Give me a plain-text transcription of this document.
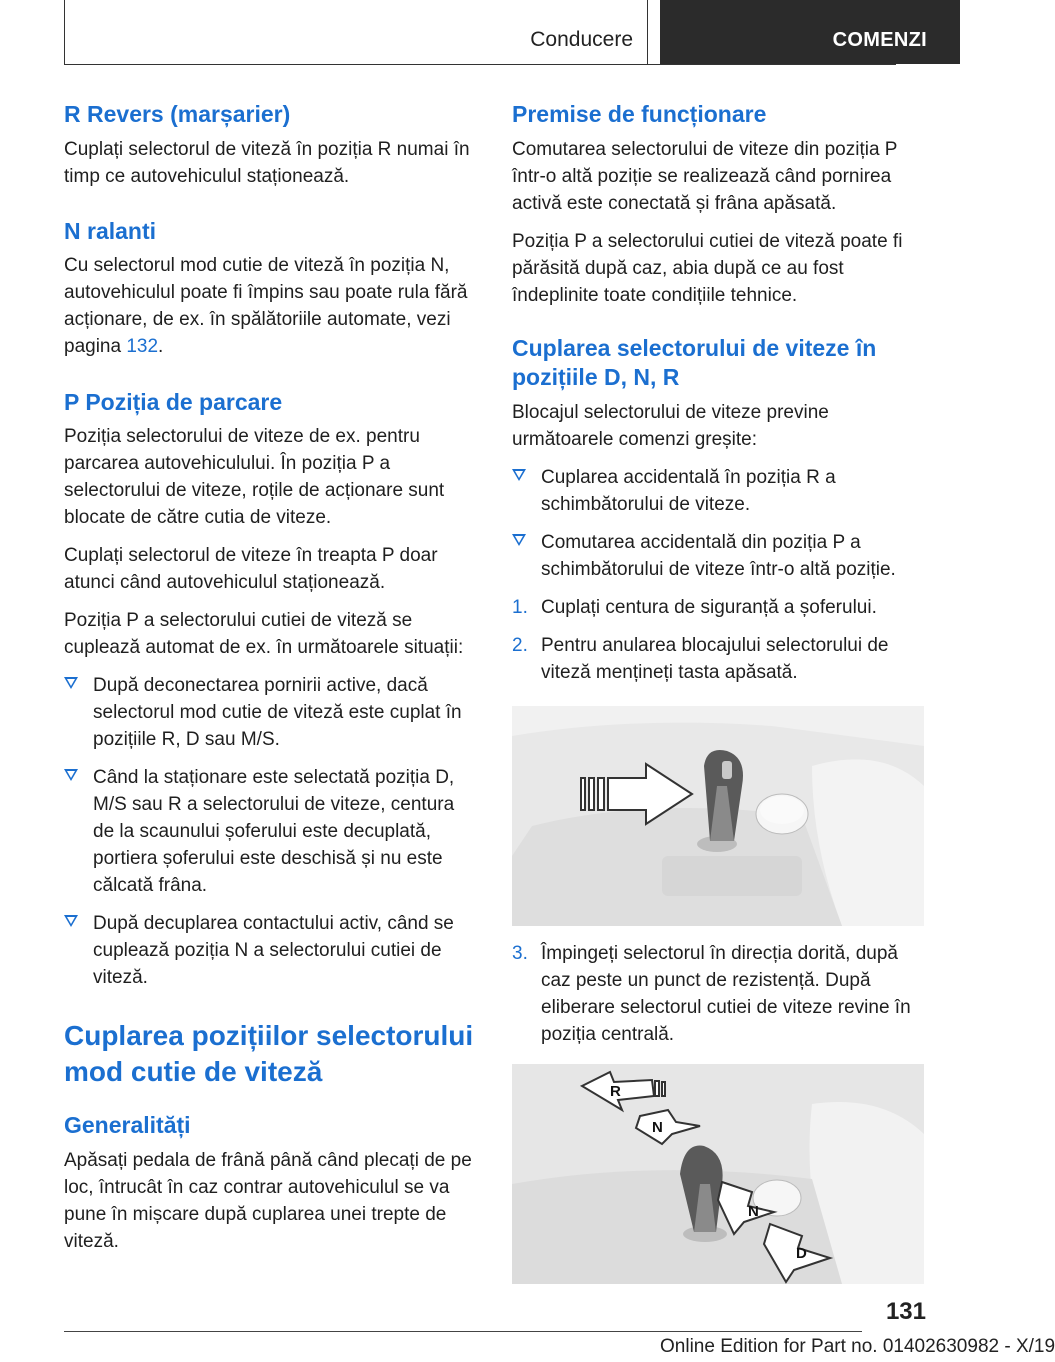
Conducere	COMENZI
R Revers (marșarier)

Cuplați selectorul de viteză în poziția R numai în timp ce autovehiculul staționează.

N ralanti

Cu selectorul mod cutie de viteză în poziția N, autovehiculul poate fi împins sau poate rula fără acționare, de ex. în spălătoriile automate, vezi pagina 132.

P Poziția de parcare

Poziția selectorului de viteze de ex. pentru parcarea autovehiculului. În poziția P a selectorului de viteze, roțile de acționare sunt blocate de către cutia de viteze.

Cuplați selectorul de viteze în treapta P doar atunci când autovehiculul staționează.

Poziția P a selectorului cutiei de viteză se cuplează automat de ex. în următoarele situații:

După deconectarea pornirii active, dacă selectorul mod cutie de viteză este cuplat în pozițiile R, D sau M/S.
Când la staționare este selectată poziția D, M/S sau R a selectorului de viteze, centura de la scaunului șoferului este decuplată, portiera șoferului este deschisă și nu este călcată frâna.
După decuplarea contactului activ, când se cuplează poziția N a selectorului cutiei de viteză.
Cuplarea pozițiilor selectorului mod cutie de viteză
Generalități

Apăsați pedala de frână până când plecați de pe loc, întrucât în caz contrar autovehiculul se va pune în mișcare după cuplarea unei trepte de viteză.

Premise de funcționare

Comutarea selectorului de viteze din poziția P într-o altă poziție se realizează când pornirea activă este conectată și frâna apăsată.

Poziția P a selectorului cutiei de viteză poate fi părăsită după caz, abia după ce au fost îndeplinite toate condițiile tehnice.

Cuplarea selectorului de viteze în pozițiile D, N, R

Blocajul selectorului de viteze previne următoarele comenzi greșite:

Cuplarea accidentală în poziția R a schimbătorului de viteze.
Comutarea accidentală din poziția P a schimbătorului de viteze într-o altă poziție.
1. Cuplați centura de siguranță a șoferului.
2. Pentru anularea blocajului selectorului de viteză mențineți tasta apăsată.
3. Împingeți selectorul în direcția dorită, după caz peste un punct de rezistență. După eliberare selectorul cutiei de viteze revine în poziția centrală.
R
N
N
D
131
Online Edition for Part no. 01402630982 - X/19
